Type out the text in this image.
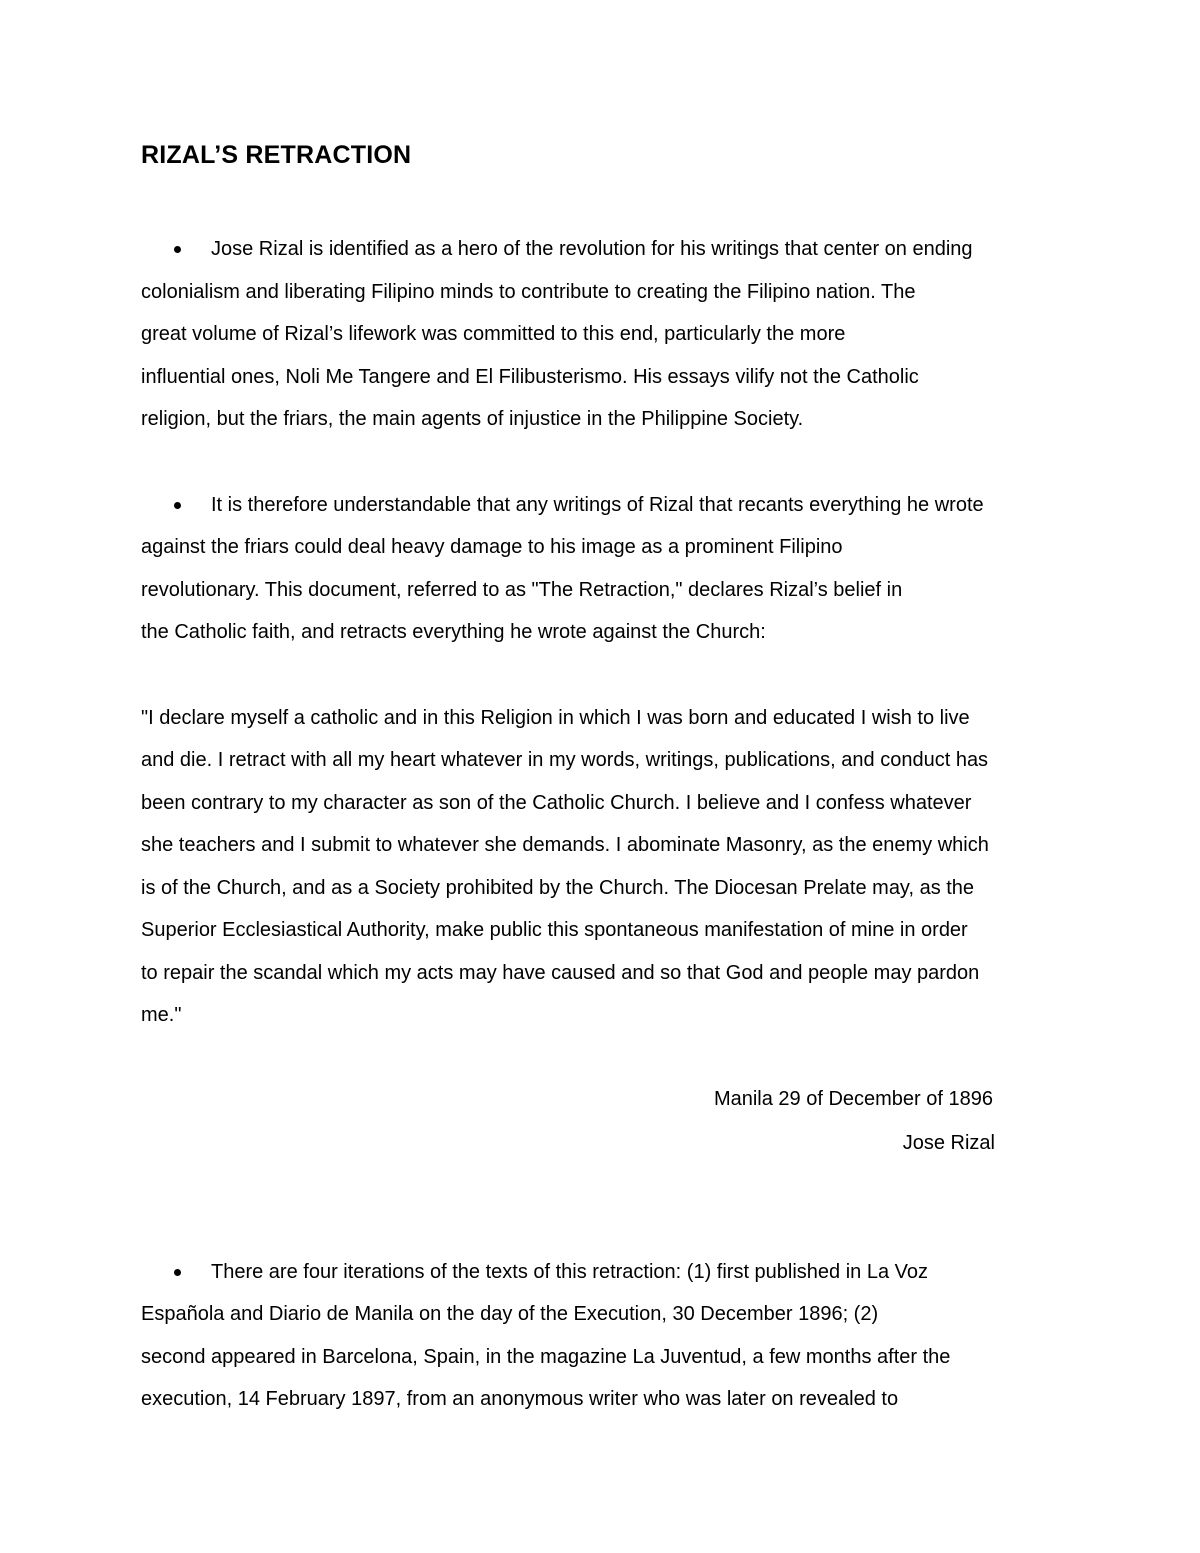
RIZAL’S RETRACTION
Jose Rizal is identified as a hero of the revolution for his writings that center on ending
colonialism and liberating Filipino minds to contribute to creating the Filipino nation. The
great volume of Rizal’s lifework was committed to this end, particularly the more
influential ones, Noli Me Tangere and El Filibusterismo. His essays vilify not the Catholic
religion, but the friars, the main agents of injustice in the Philippine Society.
It is therefore understandable that any writings of Rizal that recants everything he wrote
against the friars could deal heavy damage to his image as a prominent Filipino
revolutionary. This document, referred to as "The Retraction," declares Rizal’s belief in
the Catholic faith, and retracts everything he wrote against the Church:
"I declare myself a catholic and in this Religion in which I was born and educated I wish to live
and die. I retract with all my heart whatever in my words, writings, publications, and conduct has
been contrary to my character as son of the Catholic Church. I believe and I confess whatever
she teachers and I submit to whatever she demands. I abominate Masonry, as the enemy which
is of the Church, and as a Society prohibited by the Church. The Diocesan Prelate may, as the
Superior Ecclesiastical Authority, make public this spontaneous manifestation of mine in order
to repair the scandal which my acts may have caused and so that God and people may pardon
me."
Manila 29 of December of 1896
Jose Rizal
There are four iterations of the texts of this retraction: (1) first published in La Voz
Española and Diario de Manila on the day of the Execution, 30 December 1896; (2)
second appeared in Barcelona, Spain, in the magazine La Juventud, a few months after the
execution, 14 February 1897, from an anonymous writer who was later on revealed to
